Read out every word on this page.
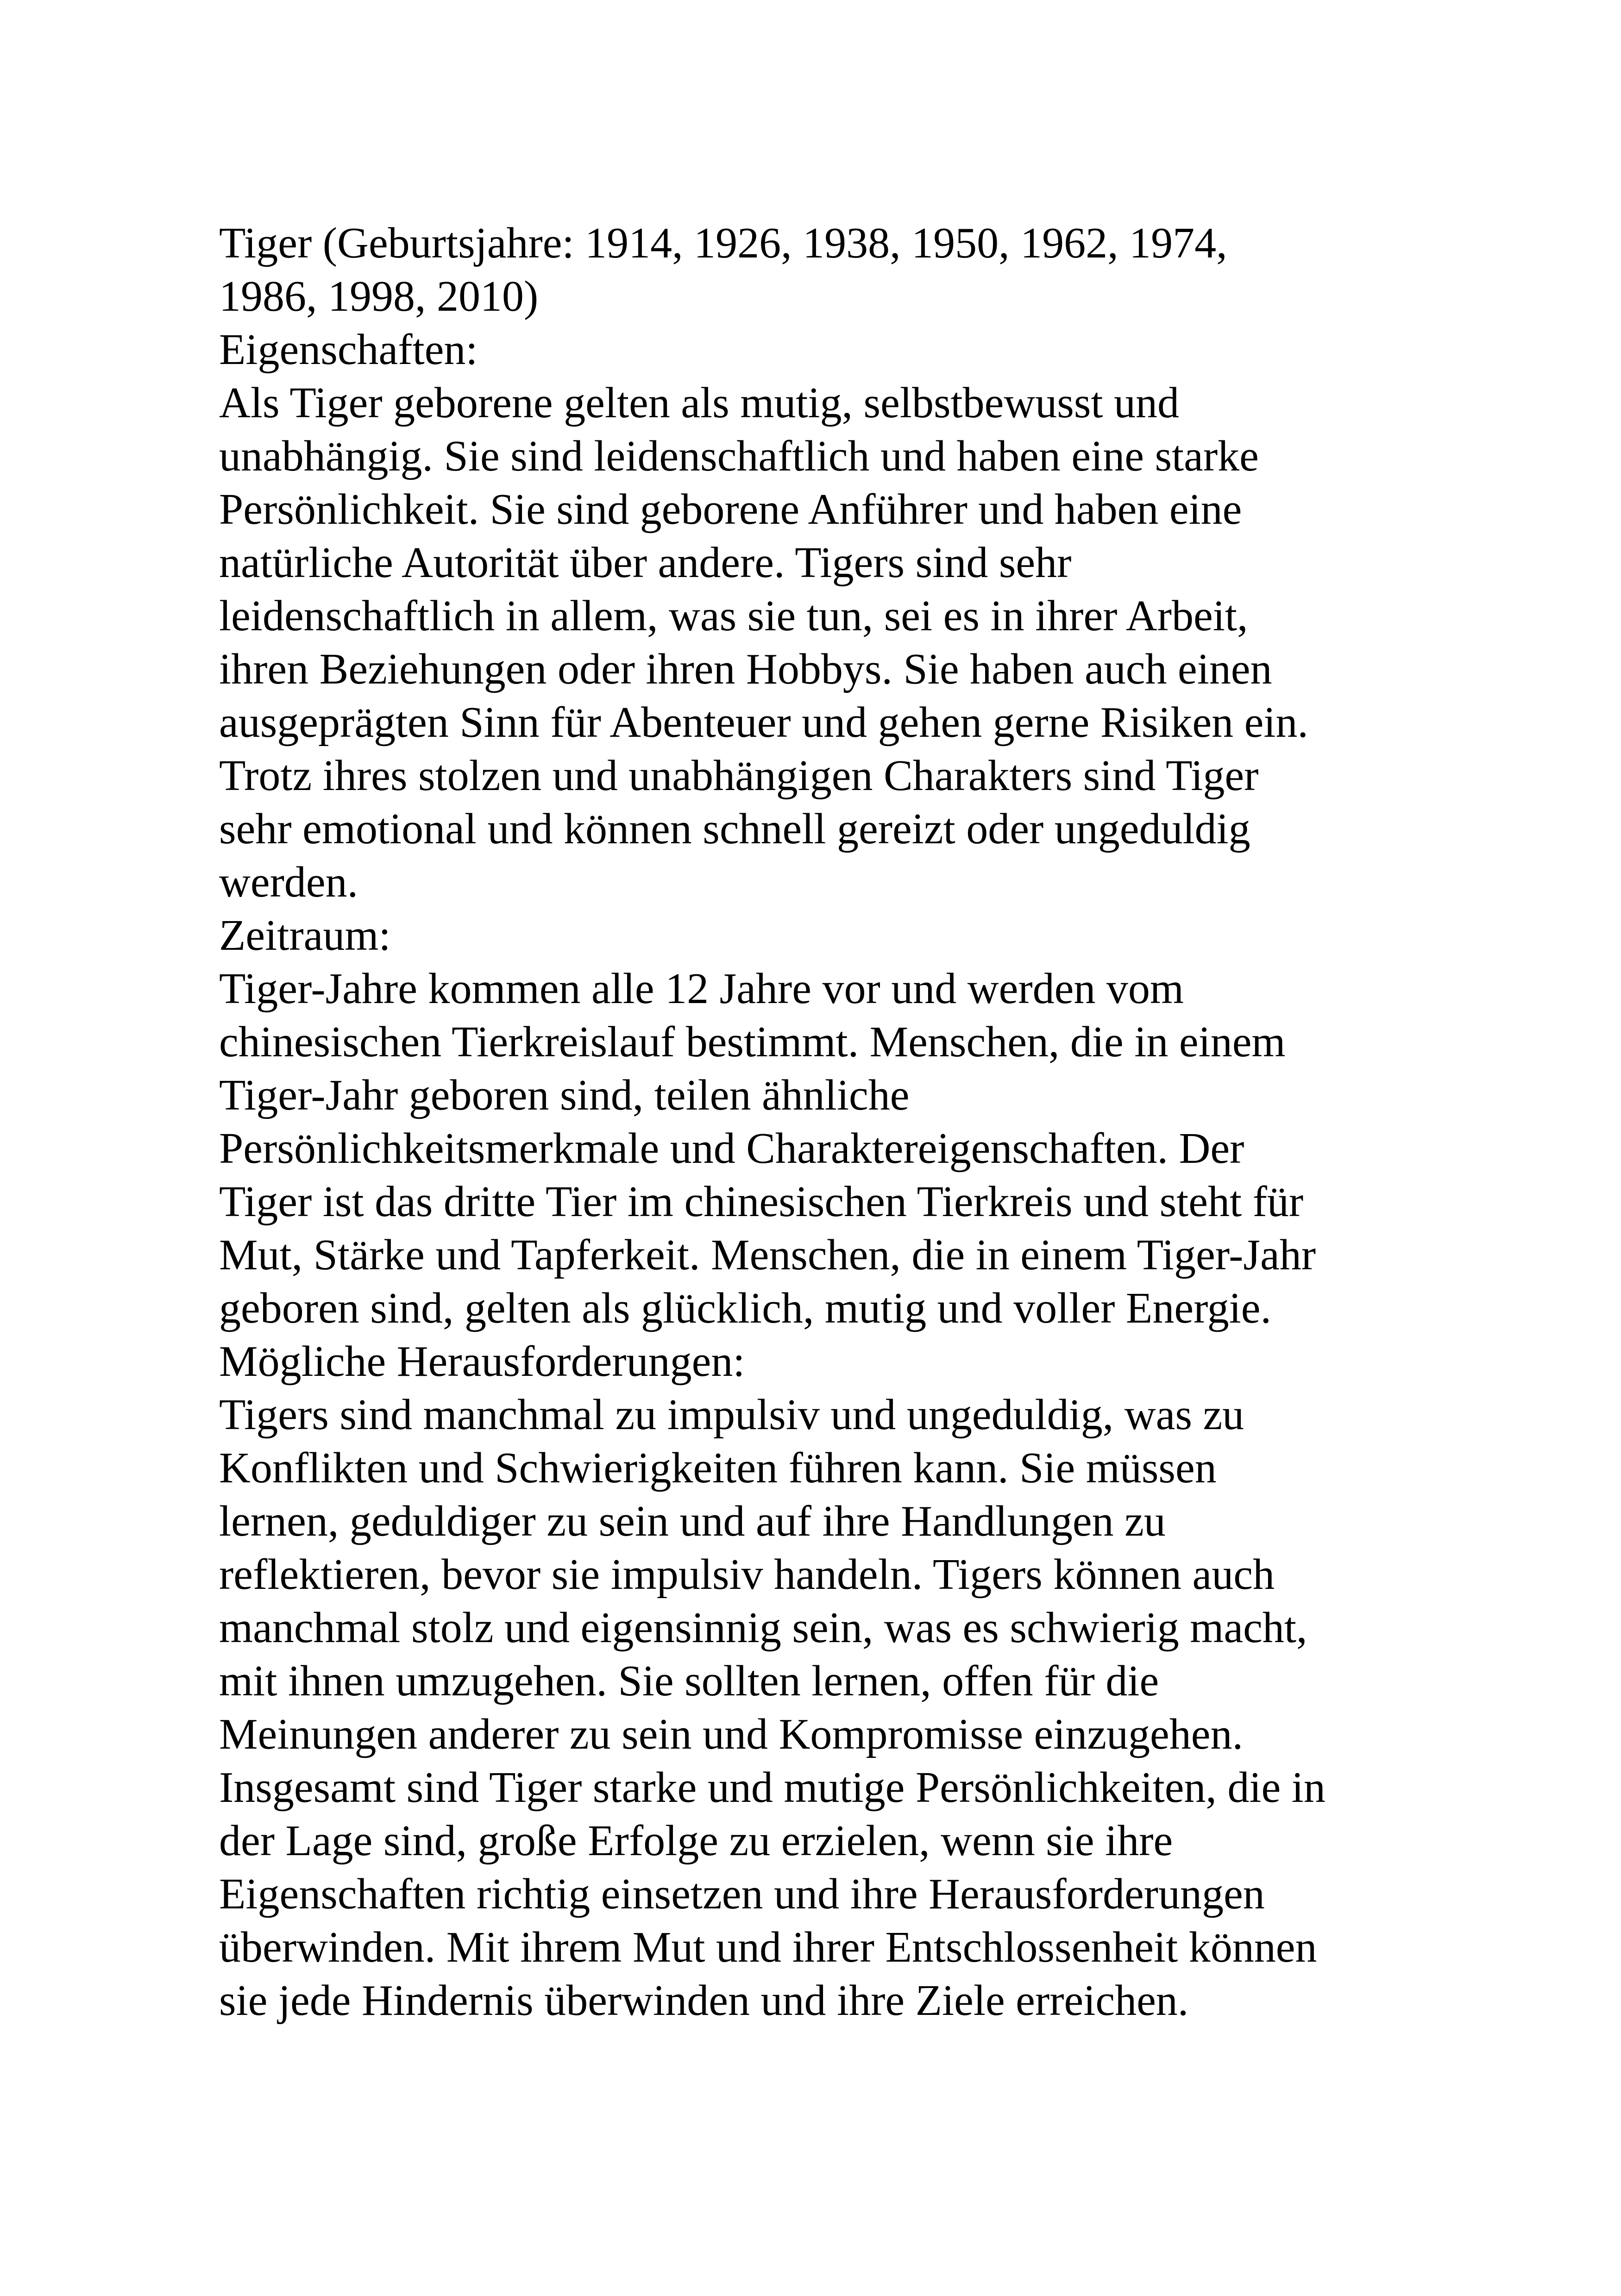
Tiger (Geburtsjahre: 1914, 1926, 1938, 1950, 1962, 1974,
1986, 1998, 2010)
Eigenschaften:
Als Tiger geborene gelten als mutig, selbstbewusst und
unabhängig. Sie sind leidenschaftlich und haben eine starke
Persönlichkeit. Sie sind geborene Anführer und haben eine
natürliche Autorität über andere. Tigers sind sehr
leidenschaftlich in allem, was sie tun, sei es in ihrer Arbeit,
ihren Beziehungen oder ihren Hobbys. Sie haben auch einen
ausgeprägten Sinn für Abenteuer und gehen gerne Risiken ein.
Trotz ihres stolzen und unabhängigen Charakters sind Tiger
sehr emotional und können schnell gereizt oder ungeduldig
werden.
Zeitraum:
Tiger-Jahre kommen alle 12 Jahre vor und werden vom
chinesischen Tierkreislauf bestimmt. Menschen, die in einem
Tiger-Jahr geboren sind, teilen ähnliche
Persönlichkeitsmerkmale und Charaktereigenschaften. Der
Tiger ist das dritte Tier im chinesischen Tierkreis und steht für
Mut, Stärke und Tapferkeit. Menschen, die in einem Tiger-Jahr
geboren sind, gelten als glücklich, mutig und voller Energie.
Mögliche Herausforderungen:
Tigers sind manchmal zu impulsiv und ungeduldig, was zu
Konflikten und Schwierigkeiten führen kann. Sie müssen
lernen, geduldiger zu sein und auf ihre Handlungen zu
reflektieren, bevor sie impulsiv handeln. Tigers können auch
manchmal stolz und eigensinnig sein, was es schwierig macht,
mit ihnen umzugehen. Sie sollten lernen, offen für die
Meinungen anderer zu sein und Kompromisse einzugehen.
Insgesamt sind Tiger starke und mutige Persönlichkeiten, die in
der Lage sind, große Erfolge zu erzielen, wenn sie ihre
Eigenschaften richtig einsetzen und ihre Herausforderungen
überwinden. Mit ihrem Mut und ihrer Entschlossenheit können
sie jede Hindernis überwinden und ihre Ziele erreichen.
